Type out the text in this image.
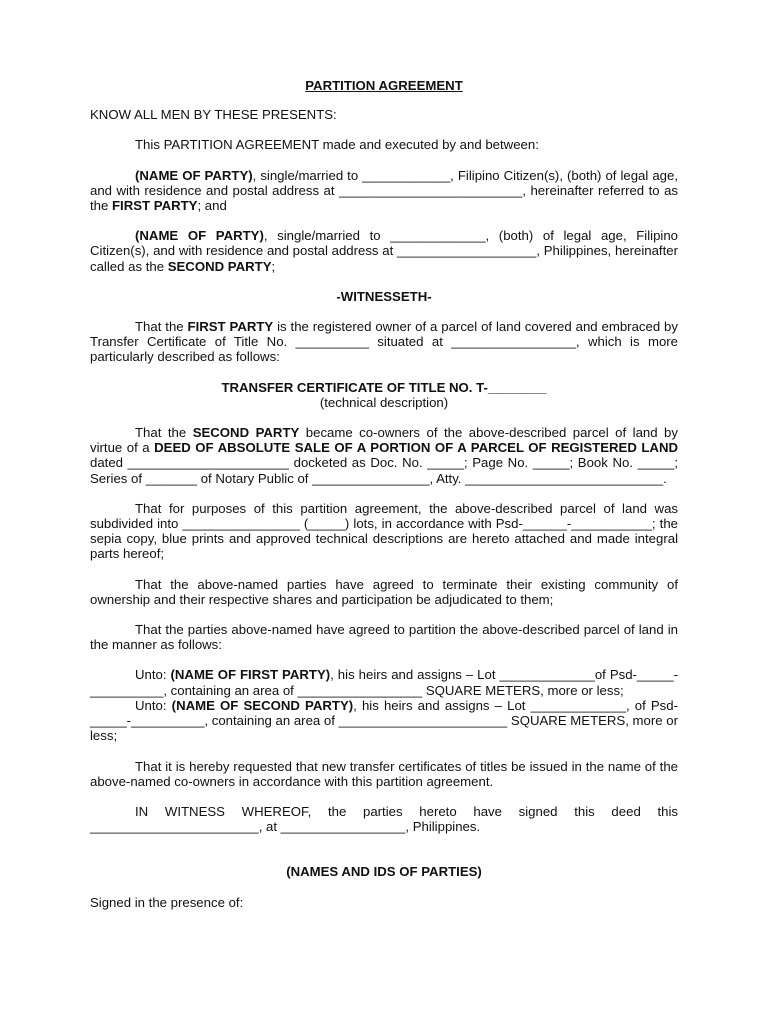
PARTITION AGREEMENT
KNOW ALL MEN BY THESE PRESENTS:
This PARTITION AGREEMENT made and executed by and between:
(NAME OF PARTY), single/married to ____________, Filipino Citizen(s), (both) of legal age, and with residence and postal address at _________________________, hereinafter referred to as the FIRST PARTY; and
(NAME OF PARTY), single/married to _____________, (both) of legal age, Filipino Citizen(s), and with residence and postal address at ___________________, Philippines, hereinafter called as the SECOND PARTY;
-WITNESSETH-
That the FIRST PARTY is the registered owner of a parcel of land covered and embraced by Transfer Certificate of Title No. __________ situated at _________________, which is more particularly described as follows:
TRANSFER CERTIFICATE OF TITLE NO. T-________
(technical description)
That the SECOND PARTY became co-owners of the above-described parcel of land by virtue of a DEED OF ABSOLUTE SALE OF A PORTION OF A PARCEL OF REGISTERED LAND dated ______________________ docketed as Doc. No. _____; Page No. _____; Book No. _____; Series of _______ of Notary Public of ________________, Atty. ___________________________.
That for purposes of this partition agreement, the above-described parcel of land was subdivided into ________________ (_____) lots, in accordance with Psd-______-___________; the sepia copy, blue prints and approved technical descriptions are hereto attached and made integral parts hereof;
That the above-named parties have agreed to terminate their existing community of ownership and their respective shares and participation be adjudicated to them;
That the parties above-named have agreed to partition the above-described parcel of land in the manner as follows:
Unto: (NAME OF FIRST PARTY), his heirs and assigns – Lot _____________of Psd-_____-__________, containing an area of _________________ SQUARE METERS, more or less;
Unto: (NAME OF SECOND PARTY), his heirs and assigns – Lot _____________, of Psd-_____-__________, containing an area of _______________________ SQUARE METERS, more or less;
That it is hereby requested that new transfer certificates of titles be issued in the name of the above-named co-owners in accordance with this partition agreement.
IN WITNESS WHEREOF, the parties hereto have signed this deed this _______________________, at _________________, Philippines.
(NAMES AND IDS OF PARTIES)
Signed in the presence of:
